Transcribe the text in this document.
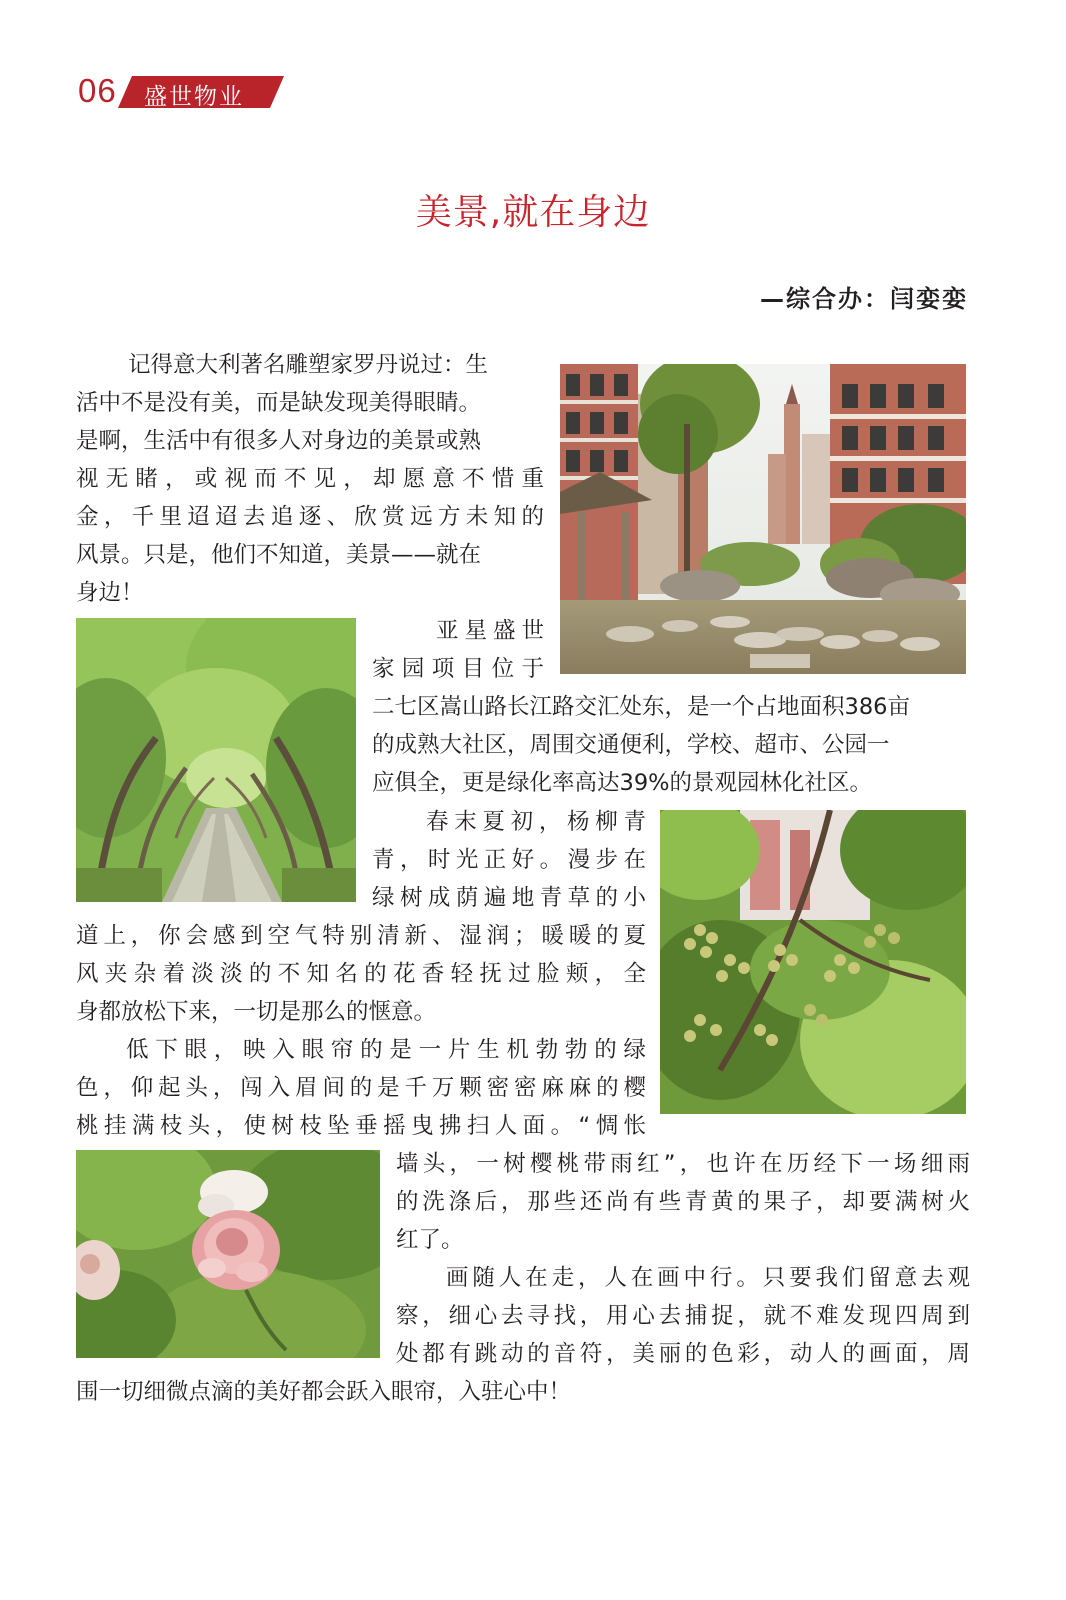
06 盛世物业
美景,就在身边
—综合办：闫娈娈
记得意大利著名雕塑家罗丹说过：生
活中不是没有美，而是缺发现美得眼睛。
是啊，生活中有很多人对身边的美景或熟
视无睹，或视而不见，却愿意不惜重
金，千里迢迢去追逐、欣赏远方未知的
风景。只是，他们不知道，美景——就在
身边！
亚星盛世
家园项目位于
二七区嵩山路长江路交汇处东，是一个占地面积386亩
的成熟大社区，周围交通便利，学校、超市、公园一
应俱全，更是绿化率高达39%的景观园林化社区。
春末夏初，杨柳青
青，时光正好。漫步在
绿树成荫遍地青草的小
道上，你会感到空气特别清新、湿润；暖暖的夏
风夹杂着淡淡的不知名的花香轻抚过脸颊，全
身都放松下来，一切是那么的惬意。
低下眼，映入眼帘的是一片生机勃勃的绿
色，仰起头，闯入眉间的是千万颗密密麻麻的樱
桃挂满枝头，使树枝坠垂摇曳拂扫人面。“惆怅
墙头，一树樱桃带雨红”，也许在历经下一场细雨
的洗涤后，那些还尚有些青黄的果子，却要满树火
红了。
画随人在走，人在画中行。只要我们留意去观
察，细心去寻找，用心去捕捉，就不难发现四周到
处都有跳动的音符，美丽的色彩，动人的画面，周
围一切细微点滴的美好都会跃入眼帘，入驻心中！
